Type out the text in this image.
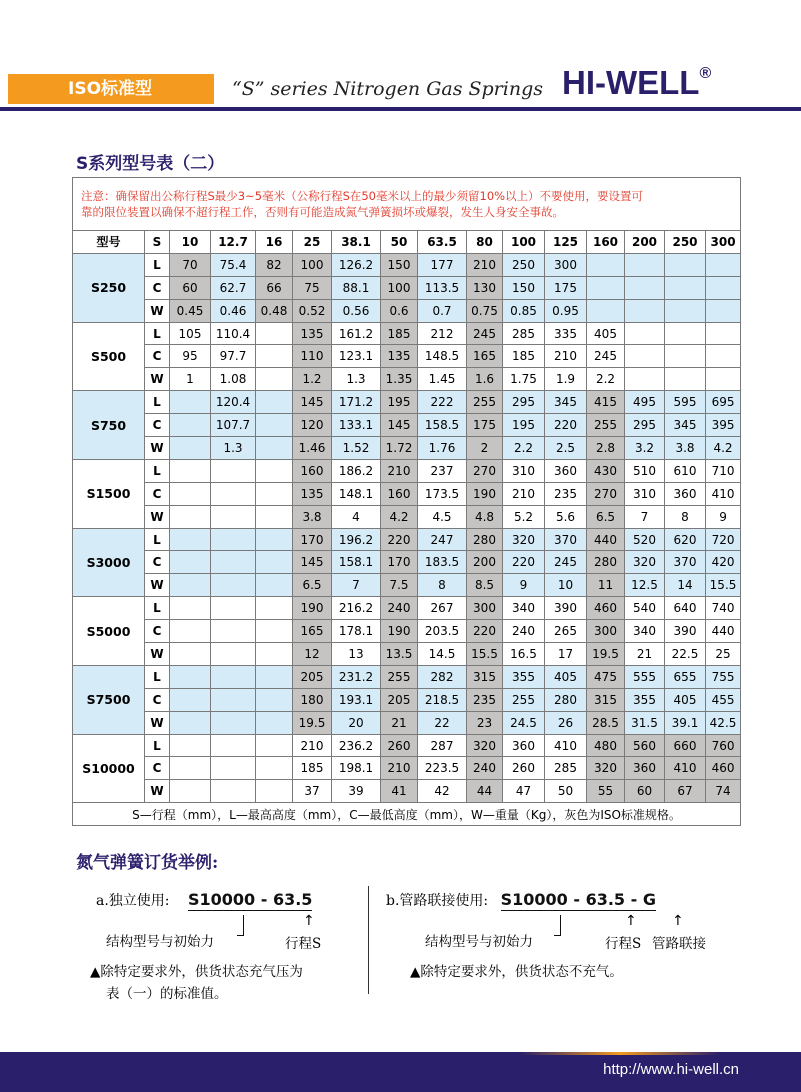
ISO标准型	“S” series Nitrogen Gas Springs HI-WELL®
S系列型号表（二）
注意：确保留出公称行程S最少3~5毫米（公称行程S在50毫米以上的最少须留10%以上）不要使用，要设置可
靠的限位装置以确保不超行程工作，否则有可能造成氮气弹簧损坏或爆裂，发生人身安全事故。															

型号	S	10	12.7	16	25	38.1	50	63.5	80	100	125	160	200	250	300
S250	L	70	75.4	82	100	126.2	150	177	210	250	300				
	C	60	62.7	66	75	88.1	100	113.5	130	150	175				
	W	0.45	0.46	0.48	0.52	0.56	0.6	0.7	0.75	0.85	0.95				
S500	L	105	110.4		135	161.2	185	212	245	285	335	405			
	C	95	97.7		110	123.1	135	148.5	165	185	210	245			
	W	1	1.08		1.2	1.3	1.35	1.45	1.6	1.75	1.9	2.2			
S750	L		120.4		145	171.2	195	222	255	295	345	415	495	595	695
	C		107.7		120	133.1	145	158.5	175	195	220	255	295	345	395
	W		1.3		1.46	1.52	1.72	1.76	2	2.2	2.5	2.8	3.2	3.8	4.2
S1500	L				160	186.2	210	237	270	310	360	430	510	610	710
	C				135	148.1	160	173.5	190	210	235	270	310	360	410
	W				3.8	4	4.2	4.5	4.8	5.2	5.6	6.5	7	8	9
S3000	L				170	196.2	220	247	280	320	370	440	520	620	720
	C				145	158.1	170	183.5	200	220	245	280	320	370	420
	W				6.5	7	7.5	8	8.5	9	10	11	12.5	14	15.5
S5000	L				190	216.2	240	267	300	340	390	460	540	640	740
	C				165	178.1	190	203.5	220	240	265	300	340	390	440
	W				12	13	13.5	14.5	15.5	16.5	17	19.5	21	22.5	25
S7500	L				205	231.2	255	282	315	355	405	475	555	655	755
	C				180	193.1	205	218.5	235	255	280	315	355	405	455
	W				19.5	20	21	22	23	24.5	26	28.5	31.5	39.1	42.5
S10000	L				210	236.2	260	287	320	360	410	480	560	660	760
	C				185	198.1	210	223.5	240	260	285	320	360	410	460
	W				37	39	41	42	44	47	50	55	60	67	74
S—行程（mm），L—最高高度（mm），C—最低高度（mm），W—重量（Kg），灰色为ISO标准规格。															
氮气弹簧订货举例:
a.独立使用: S10000 - 63.5
↑
结构型号与初始力	行程S
▲除特定要求外，供货状态充气压为
表（一）的标准值。
b.管路联接使用: S10000 - 63.5 - G
↑	↑
结构型号与初始力	行程S 管路联接
▲除特定要求外，供货状态不充气。
http://www.hi-well.cn
